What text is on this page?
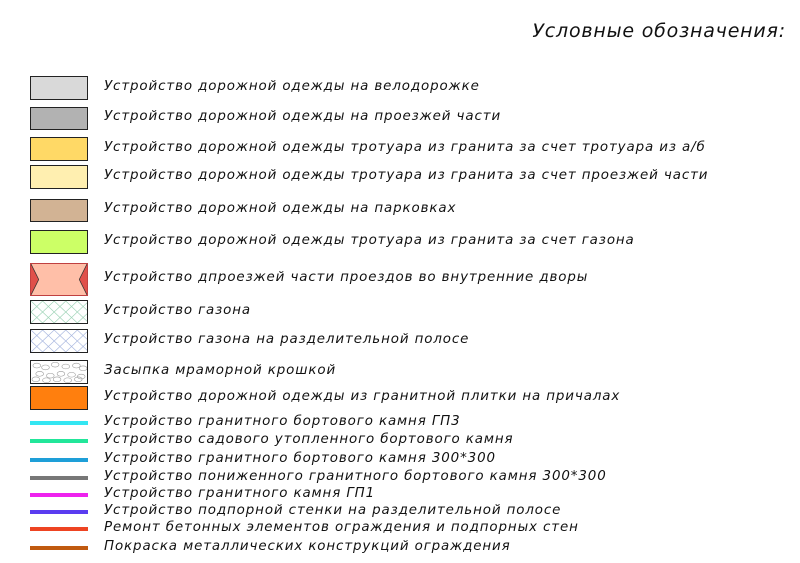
Условные обозначения:
Устройство дорожной одежды на велодорожке
Устройство дорожной одежды на проезжей части
Устройство дорожной одежды тротуара из гранита за счет тротуара из а/б
Устройство дорожной одежды тротуара из гранита за счет проезжей части
Устройство дорожной одежды на парковках
Устройство дорожной одежды тротуара из гранита за счет газона
Устройство дпроезжей части проездов во внутренние дворы
Устройство газона
Устройство газона на разделительной полосе
Засыпка мраморной крошкой
Устройство дорожной одежды из гранитной плитки на причалах
Устройство гранитного бортового камня ГП3
Устройство садового утопленного бортового камня
Устройство гранитного бортового камня 300*300
Устройство пониженного гранитного бортового камня 300*300
Устройство гранитного камня ГП1
Устройство подпорной стенки на разделительной полосе
Ремонт бетонных элементов ограждения и подпорных стен
Покраска металлических конструкций ограждения
